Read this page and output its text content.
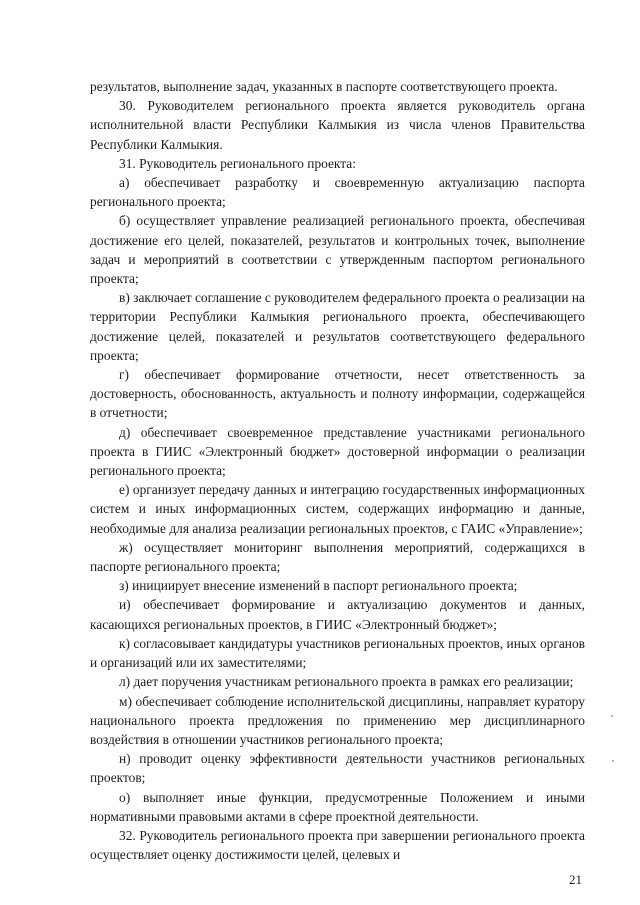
результатов, выполнение задач, указанных в паспорте соответствующего проекта.

30. Руководителем регионального проекта является руководитель органа исполнительной власти Республики Калмыкия из числа членов Правительства Республики Калмыкия.

31. Руководитель регионального проекта:

а) обеспечивает разработку и своевременную актуализацию паспорта регионального проекта;

б) осуществляет управление реализацией регионального проекта, обеспечивая достижение его целей, показателей, результатов и контрольных точек, выполнение задач и мероприятий в соответствии с утвержденным паспортом регионального проекта;

в) заключает соглашение с руководителем федерального проекта о реализации на территории Республики Калмыкия регионального проекта, обеспечивающего достижение целей, показателей и результатов соответствующего федерального проекта;

г) обеспечивает формирование отчетности, несет ответственность за достоверность, обоснованность, актуальность и полноту информации, содержащейся в отчетности;

д) обеспечивает своевременное представление участниками регионального проекта в ГИИС «Электронный бюджет» достоверной информации о реализации регионального проекта;

е) организует передачу данных и интеграцию государственных информационных систем и иных информационных систем, содержащих информацию и данные, необходимые для анализа реализации региональных проектов, с ГАИС «Управление»;

ж) осуществляет мониторинг выполнения мероприятий, содержащихся в паспорте регионального проекта;

з) инициирует внесение изменений в паспорт регионального проекта;

и) обеспечивает формирование и актуализацию документов и данных, касающихся региональных проектов, в ГИИС «Электронный бюджет»;

к) согласовывает кандидатуры участников региональных проектов, иных органов и организаций или их заместителями;

л) дает поручения участникам регионального проекта в рамках его реализации;

м) обеспечивает соблюдение исполнительской дисциплины, направляет куратору национального проекта предложения по применению мер дисциплинарного воздействия в отношении участников регионального проекта;

н) проводит оценку эффективности деятельности участников региональных проектов;

о) выполняет иные функции, предусмотренные Положением и иными нормативными правовыми актами в сфере проектной деятельности.

32. Руководитель регионального проекта при завершении регионального проекта осуществляет оценку достижимости целей, целевых и

21
